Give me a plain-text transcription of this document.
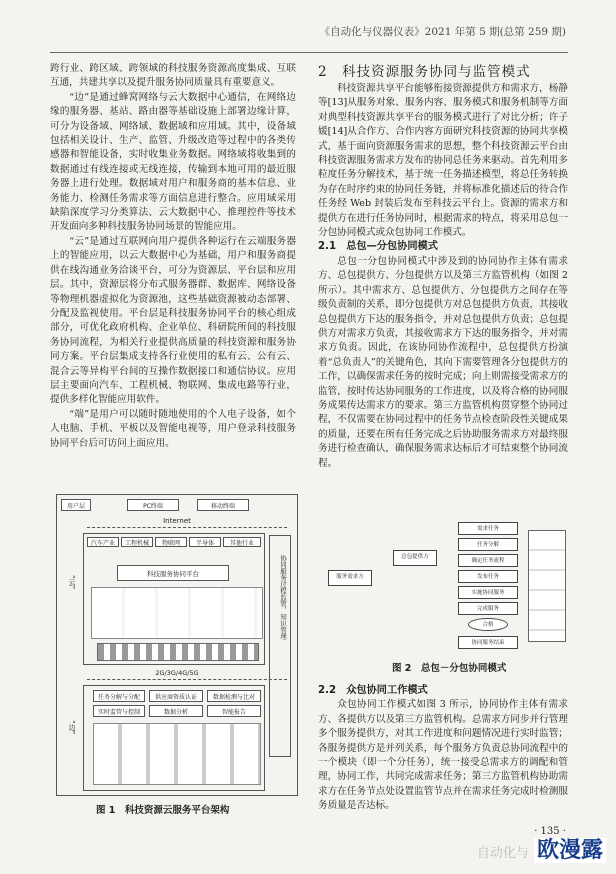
《自动化与仪器仪表》2021 年第 5 期(总第 259 期)

跨行业、跨区域、跨领域的科技服务资源高度集成、互联互通，共建共享以及提升服务协同质量具有重要意义。

“边”是通过蜂窝网络与云大数据中心通信，在网络边缘的服务器、基站、路由器等基础设施上部署边缘计算，可分为设备域、网络域、数据域和应用域。其中，设备域包括相关设计、生产、监管、升级改造等过程中的各类传感器和智能设备，实时收集业务数据。网络域将收集到的数据通过有线连接或无线连接，传输到本地可用的最近服务器上进行处理。数据域对用户和服务商的基本信息、业务能力、检测任务需求等方面信息进行整合。应用域采用缺陷深度学习分类算法、云大数据中心、推理控件等技术开发面向多种科技服务协同场景的智能应用。

“云”是通过互联网向用户提供各种运行在云端服务器上的智能应用，以云大数据中心为基础，用户和服务商提供在线沟通业务洽谈平台，可分为资源层、平台层和应用层。其中，资源层将分布式服务器群、数据库、网络设备等物理机器虚拟化为资源池，这些基础资源被动态部署、分配及监视使用。平台层是科技服务协同平台的核心组成部分，可优化政府机构、企业单位、科研院所间的科技服务协同流程，为相关行业提供高质量的科技资源和服务协同方案。平台层集成支持各行业使用的私有云、公有云、混合云等异构平台间的互操作数据接口和通信协议。应用层主要面向汽车、工程机械、物联网、集成电路等行业，提供多样化智能应用软件。

“端”是用户可以随时随地使用的个人电子设备，如个人电脑、手机、平板以及智能电视等，用户登录科技服务协同平台后可访问上面应用。

2　科技资源服务协同与监管模式

科技资源共享平台能够衔接资源提供方和需求方，杨静等[13]从服务对象、服务内容、服务模式和服务机制等方面对典型科技资源共享平台的服务模式进行了对比分析；许子媛[14]从合作方、合作内容方面研究科技资源的协同共享模式，基于面向资源服务需求的思想，整个科技资源云平台由科技资源服务需求方发布的协同总任务来驱动。首先利用多粒度任务分解技术，基于统一任务描述模型，将总任务转换为存在时序约束的协同任务链，并将标准化描述后的待合作任务经 Web 封装后发布至科技云平台上。资源的需求方和提供方在进行任务协同时，根据需求的特点，将采用总包一分包协同模式或众包协同工作模式。

2.1　总包—分包协同模式

总包一分包协同模式中涉及到的协同协作主体有需求方、总包提供方、分包提供方以及第三方监管机构（如图 2 所示）。其中需求方、总包提供方、分包提供方之间存在等级负责制的关系，即分包提供方对总包提供方负责，其接收总包提供方下达的服务指令，并对总包提供方负责；总包提供方对需求方负责，其接收需求方下达的服务指令，并对需求方负责。因此，在该协同协作流程中，总包提供方扮演着“总负责人”的关键角色，其向下需要管理各分包提供方的工作，以确保需求任务的按时完成；向上则需接受需求方的监管，按时传达协同服务的工作进度，以及将合格的协同服务成果传达需求方的要求。第三方监管机构贯穿整个协同过程，不仅需要在协同过程中的任务节点检查阶段性关键成果的质量，还要在所有任务完成之后协助服务需求方对最终服务进行检查确认，确保服务需求达标后才可结束整个协同流程。

用户层	PC终端	移动终端
Internet
“云”
汽车产业	工程机械	物联网	半导体	其他行业
科技服务协同平台	协同服务过程监管、知识管理
2G/3G/4G/5G
“边”
任务分解与分配	供应商资质认证	数据检测与比对
实时监管与控制	数据分析	智能报告
图 1　科技资源云服务平台架构
服务需求方
总包提供方
需求任务
任务分解
确定任务流程
发布任务
实施协同服务
完成服务
合格
协同服务结束
图 2　总包－分包协同模式

2.2　众包协同工作模式

众包协同工作模式如图 3 所示，协同协作主体有需求方、各提供方以及第三方监管机构。总需求方同步并行管理多个服务提供方，对其工作进度和问题情况进行实时监管；各服务提供方是并列关系，每个服务方负责总协同流程中的一个模块（即一个分任务），统一接受总需求方的调配和管理，协同工作，共同完成需求任务；第三方监管机构协助需求方在任务节点处设置监管节点并在需求任务完成时检测服务质量是否达标。

· 135 ·
自动化与 欧漫露
